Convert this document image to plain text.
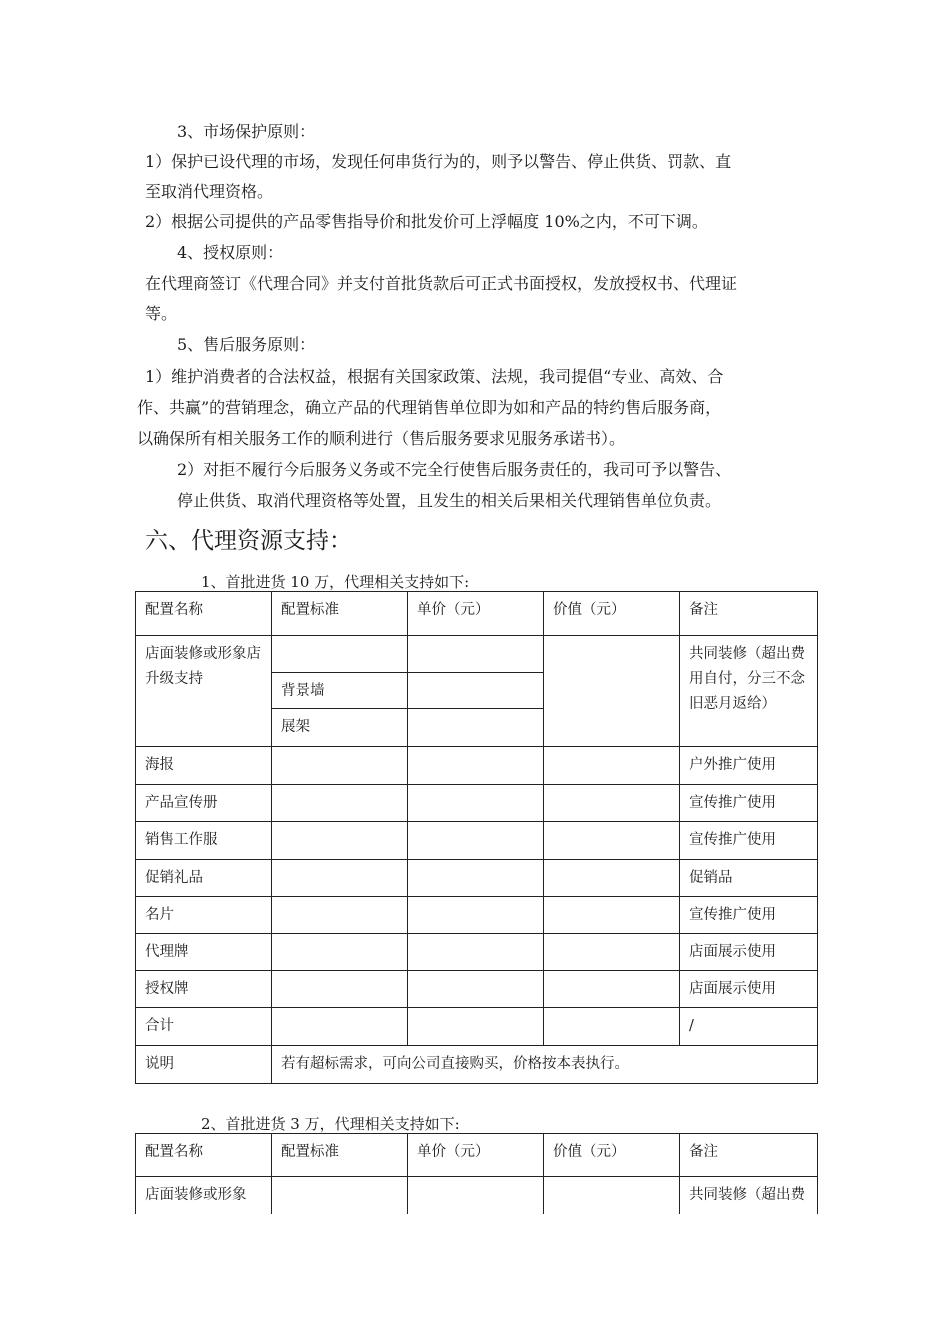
3、市场保护原则：
1）保护已设代理的市场，发现任何串货行为的，则予以警告、停止供货、罚款、直
至取消代理资格。
2）根据公司提供的产品零售指导价和批发价可上浮幅度 10%之内，不可下调。
4、授权原则：
在代理商签订《代理合同》并支付首批货款后可正式书面授权，发放授权书、代理证
等。
5、售后服务原则：
1）维护消费者的合法权益，根据有关国家政策、法规，我司提倡“专业、高效、合
作、共赢”的营销理念，确立产品的代理销售单位即为如和产品的特约售后服务商，
以确保所有相关服务工作的顺利进行（售后服务要求见服务承诺书）。
2）对拒不履行今后服务义务或不完全行使售后服务责任的，我司可予以警告、
停止供货、取消代理资格等处置，且发生的相关后果相关代理销售单位负责。
六、代理资源支持：
1、首批进货 10 万，代理相关支持如下:
配置名称	配置标准	单价（元）	价值（元）	备注
店面装修或形象店升级支持				共同装修（超出费用自付，分三不念旧恶月返给）
	背景墙			
	展架			
海报				户外推广使用
产品宣传册				宣传推广使用
销售工作服				宣传推广使用
促销礼品				促销品
名片				宣传推广使用
代理牌				店面展示使用
授权牌				店面展示使用
合计				/
说明	若有超标需求，可向公司直接购买，价格按本表执行。			
2、首批进货 3 万，代理相关支持如下:
配置名称	配置标准	单价（元）	价值（元）	备注
店面装修或形象				共同装修（超出费
